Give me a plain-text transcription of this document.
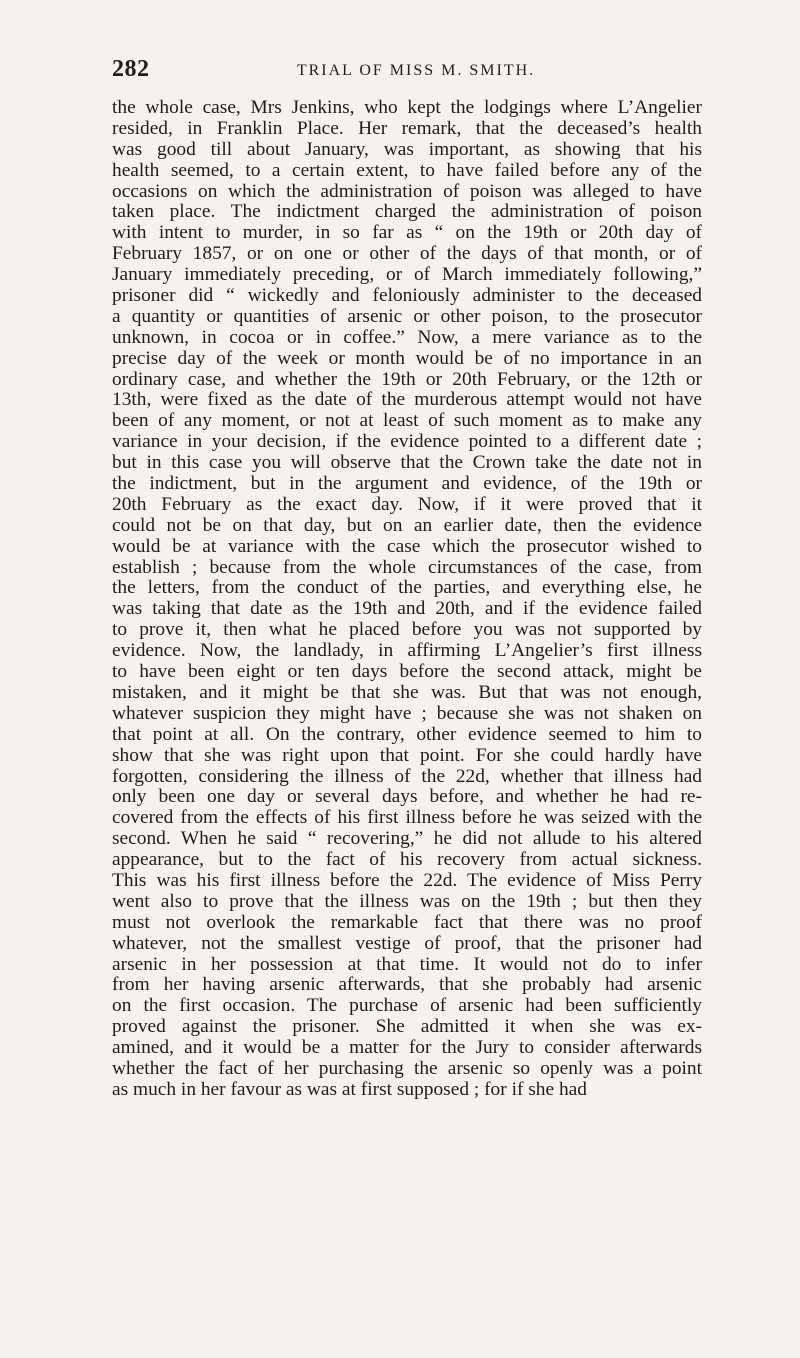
282	TRIAL OF MISS M. SMITH.
the whole case, Mrs Jenkins, who kept the lodgings where L’Angelier
resided, in Franklin Place. Her remark, that the deceased’s health
was good till about January, was important, as showing that his
health seemed, to a certain extent, to have failed before any of the
occasions on which the administration of poison was alleged to have
taken place. The indictment charged the administration of poison
with intent to murder, in so far as “ on the 19th or 20th day of
February 1857, or on one or other of the days of that month, or of
January immediately preceding, or of March immediately following,”
prisoner did “ wickedly and feloniously administer to the deceased
a quantity or quantities of arsenic or other poison, to the prosecutor
unknown, in cocoa or in coffee.” Now, a mere variance as to the
precise day of the week or month would be of no importance in an
ordinary case, and whether the 19th or 20th February, or the 12th or
13th, were fixed as the date of the murderous attempt would not have
been of any moment, or not at least of such moment as to make any
variance in your decision, if the evidence pointed to a different date ;
but in this case you will observe that the Crown take the date not in
the indictment, but in the argument and evidence, of the 19th or
20th February as the exact day. Now, if it were proved that it
could not be on that day, but on an earlier date, then the evidence
would be at variance with the case which the prosecutor wished to
establish ; because from the whole circumstances of the case, from
the letters, from the conduct of the parties, and everything else, he
was taking that date as the 19th and 20th, and if the evidence failed
to prove it, then what he placed before you was not supported by
evidence. Now, the landlady, in affirming L’Angelier’s first illness
to have been eight or ten days before the second attack, might be
mistaken, and it might be that she was. But that was not enough,
whatever suspicion they might have ; because she was not shaken on
that point at all. On the contrary, other evidence seemed to him to
show that she was right upon that point. For she could hardly have
forgotten, considering the illness of the 22d, whether that illness had
only been one day or several days before, and whether he had re-
covered from the effects of his first illness before he was seized with the
second. When he said “ recovering,” he did not allude to his altered
appearance, but to the fact of his recovery from actual sickness.
This was his first illness before the 22d. The evidence of Miss Perry
went also to prove that the illness was on the 19th ; but then they
must not overlook the remarkable fact that there was no proof
whatever, not the smallest vestige of proof, that the prisoner had
arsenic in her possession at that time. It would not do to infer
from her having arsenic afterwards, that she probably had arsenic
on the first occasion. The purchase of arsenic had been sufficiently
proved against the prisoner. She admitted it when she was ex-
amined, and it would be a matter for the Jury to consider afterwards
whether the fact of her purchasing the arsenic so openly was a point
as much in her favour as was at first supposed ; for if she had
